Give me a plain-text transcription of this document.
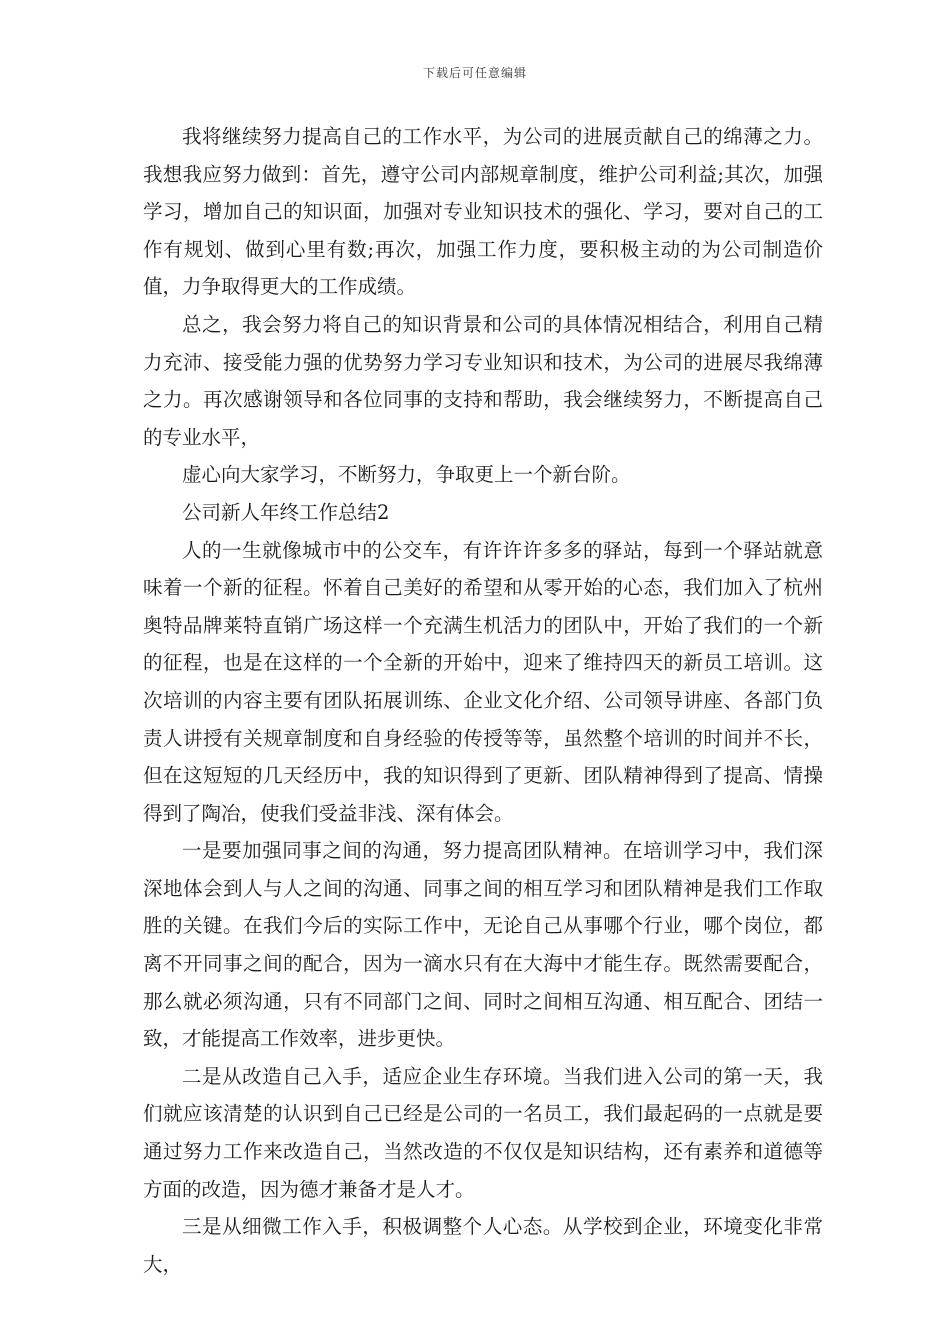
下载后可任意编辑

我将继续努力提高自己的工作水平，为公司的进展贡献自己的绵薄之力。我想我应努力做到：首先，遵守公司内部规章制度，维护公司利益;其次，加强学习，增加自己的知识面，加强对专业知识技术的强化、学习，要对自己的工作有规划、做到心里有数;再次，加强工作力度，要积极主动的为公司制造价值，力争取得更大的工作成绩。

总之，我会努力将自己的知识背景和公司的具体情况相结合，利用自己精力充沛、接受能力强的优势努力学习专业知识和技术，为公司的进展尽我绵薄之力。再次感谢领导和各位同事的支持和帮助，我会继续努力，不断提高自己的专业水平，

虚心向大家学习，不断努力，争取更上一个新台阶。

公司新人年终工作总结2

人的一生就像城市中的公交车，有许许许多多的驿站，每到一个驿站就意味着一个新的征程。怀着自己美好的希望和从零开始的心态，我们加入了杭州奥特品牌莱特直销广场这样一个充满生机活力的团队中，开始了我们的一个新的征程，也是在这样的一个全新的开始中，迎来了维持四天的新员工培训。这次培训的内容主要有团队拓展训练、企业文化介绍、公司领导讲座、各部门负责人讲授有关规章制度和自身经验的传授等等，虽然整个培训的时间并不长，但在这短短的几天经历中，我的知识得到了更新、团队精神得到了提高、情操得到了陶冶，使我们受益非浅、深有体会。

一是要加强同事之间的沟通，努力提高团队精神。在培训学习中，我们深深地体会到人与人之间的沟通、同事之间的相互学习和团队精神是我们工作取胜的关键。在我们今后的实际工作中，无论自己从事哪个行业，哪个岗位，都离不开同事之间的配合，因为一滴水只有在大海中才能生存。既然需要配合，那么就必须沟通，只有不同部门之间、同时之间相互沟通、相互配合、团结一致，才能提高工作效率，进步更快。

二是从改造自己入手，适应企业生存环境。当我们进入公司的第一天，我们就应该清楚的认识到自己已经是公司的一名员工，我们最起码的一点就是要通过努力工作来改造自己，当然改造的不仅仅是知识结构，还有素养和道德等方面的改造，因为德才兼备才是人才。

三是从细微工作入手，积极调整个人心态。从学校到企业，环境变化非常大，
